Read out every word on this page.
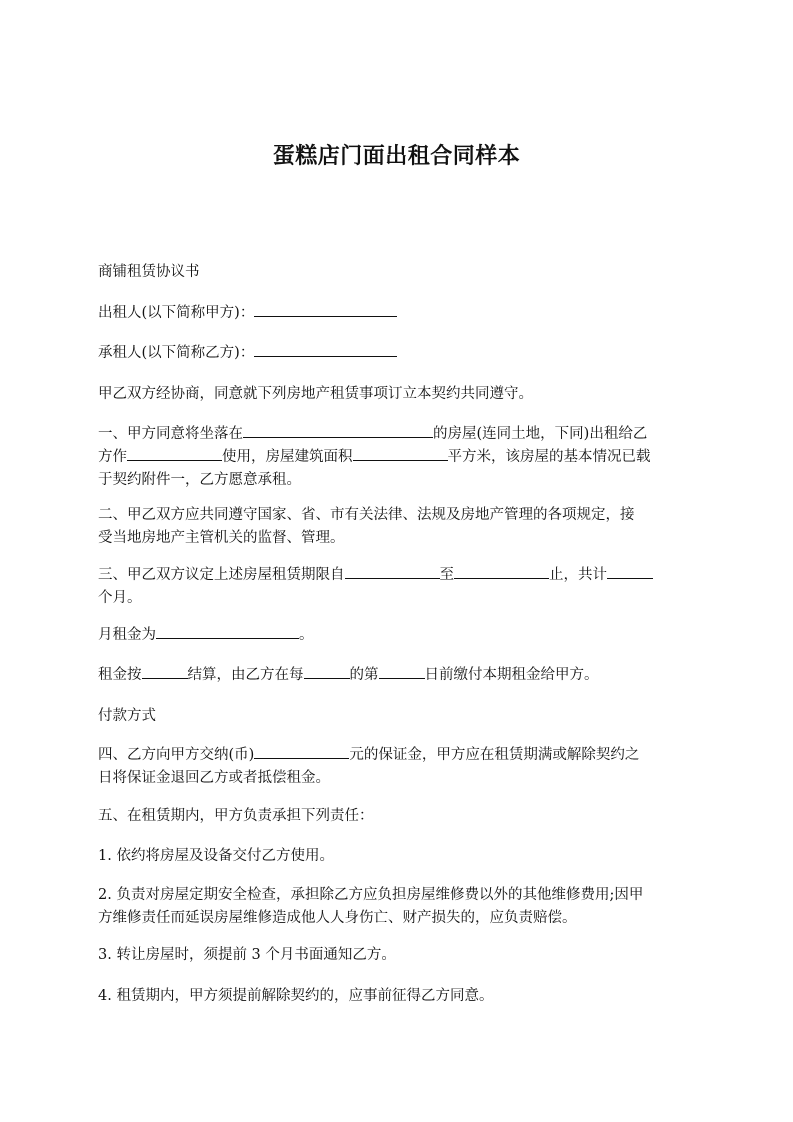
蛋糕店门面出租合同样本
商铺租赁协议书
出租人(以下简称甲方)：
承租人(以下简称乙方)：
甲乙双方经协商，同意就下列房地产租赁事项订立本契约共同遵守。
一、甲方同意将坐落在	的房屋(连同土地，下同)出租给乙
方作	使用，房屋建筑面积	平方米，该房屋的基本情况已载
于契约附件一，乙方愿意承租。
二、甲乙双方应共同遵守国家、省、市有关法律、法规及房地产管理的各项规定，接
受当地房地产主管机关的监督、管理。
三、甲乙双方议定上述房屋租赁期限自	至	止，共计
个月。
月租金为	。
租金按	结算，由乙方在每	的第	日前缴付本期租金给甲方。
付款方式
四、乙方向甲方交纳(币)	元的保证金，甲方应在租赁期满或解除契约之
日将保证金退回乙方或者抵偿租金。
五、在租赁期内，甲方负责承担下列责任：
1. 依约将房屋及设备交付乙方使用。
2. 负责对房屋定期安全检查，承担除乙方应负担房屋维修费以外的其他维修费用;因甲
方维修责任而延误房屋维修造成他人人身伤亡、财产损失的，应负责赔偿。
3. 转让房屋时，须提前 3 个月书面通知乙方。
4. 租赁期内，甲方须提前解除契约的，应事前征得乙方同意。
